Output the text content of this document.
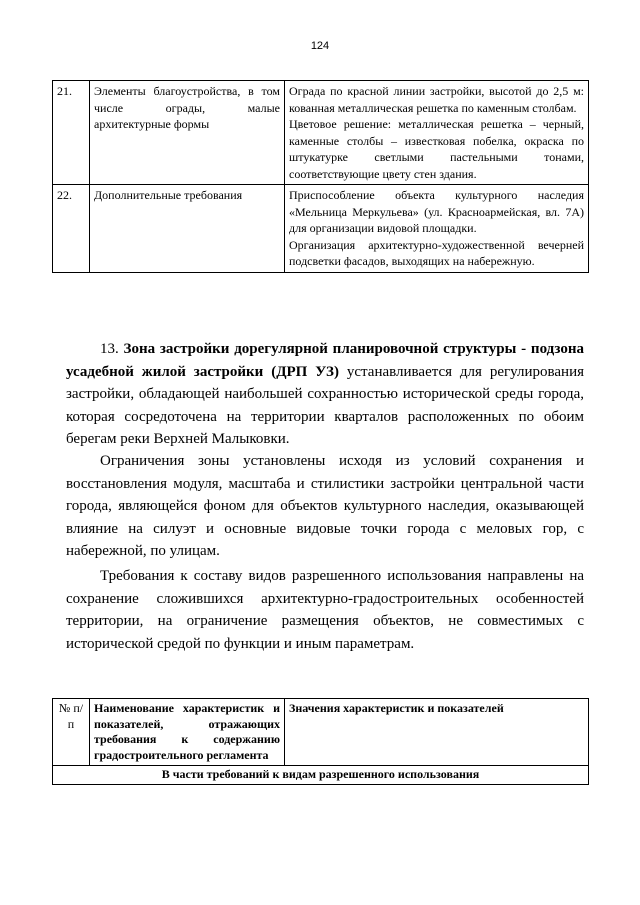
124
21.	Элементы благоустройства, в том числе ограды, малые архитектурные формы	Ограда по красной линии застройки, высотой до 2,5 м: кованная металлическая решетка по каменным столбам.

Цветовое решение: металлическая решетка – черный, каменные столбы – известковая побелка, окраска по штукатурке светлыми пастельными тонами, соответствующие цвету стен здания.

22.	Дополнительные требования	Приспособление объекта культурного наследия «Мельница Меркульева» (ул. Красноармейская, вл. 7А) для организации видовой площадки.

Организация архитектурно-художественной вечерней подсветки фасадов, выходящих на набережную.

13. Зона застройки дорегулярной планировочной структуры - подзона усадебной жилой застройки (ДРП УЗ) устанавливается для регулирования застройки, обладающей наибольшей сохранностью исторической среды города, которая сосредоточена на территории кварталов расположенных по обоим берегам реки Верхней Малыковки.

Ограничения зоны установлены исходя из условий сохранения и восстановления модуля, масштаба и стилистики застройки центральной части города, являющейся фоном для объектов культурного наследия, оказывающей влияние на силуэт и основные видовые точки города с меловых гор, с набережной, по улицам.

Требования к составу видов разрешенного использования направлены на сохранение сложившихся архитектурно-градостроительных особенностей территории, на ограничение размещения объектов, не совместимых с исторической средой по функции и иным параметрам.

№ п/п	Наименование характеристик и показателей, отражающих требования к содержанию градостроительного регламента	Значения характеристик и показателей
В части требований к видам разрешенного использования
